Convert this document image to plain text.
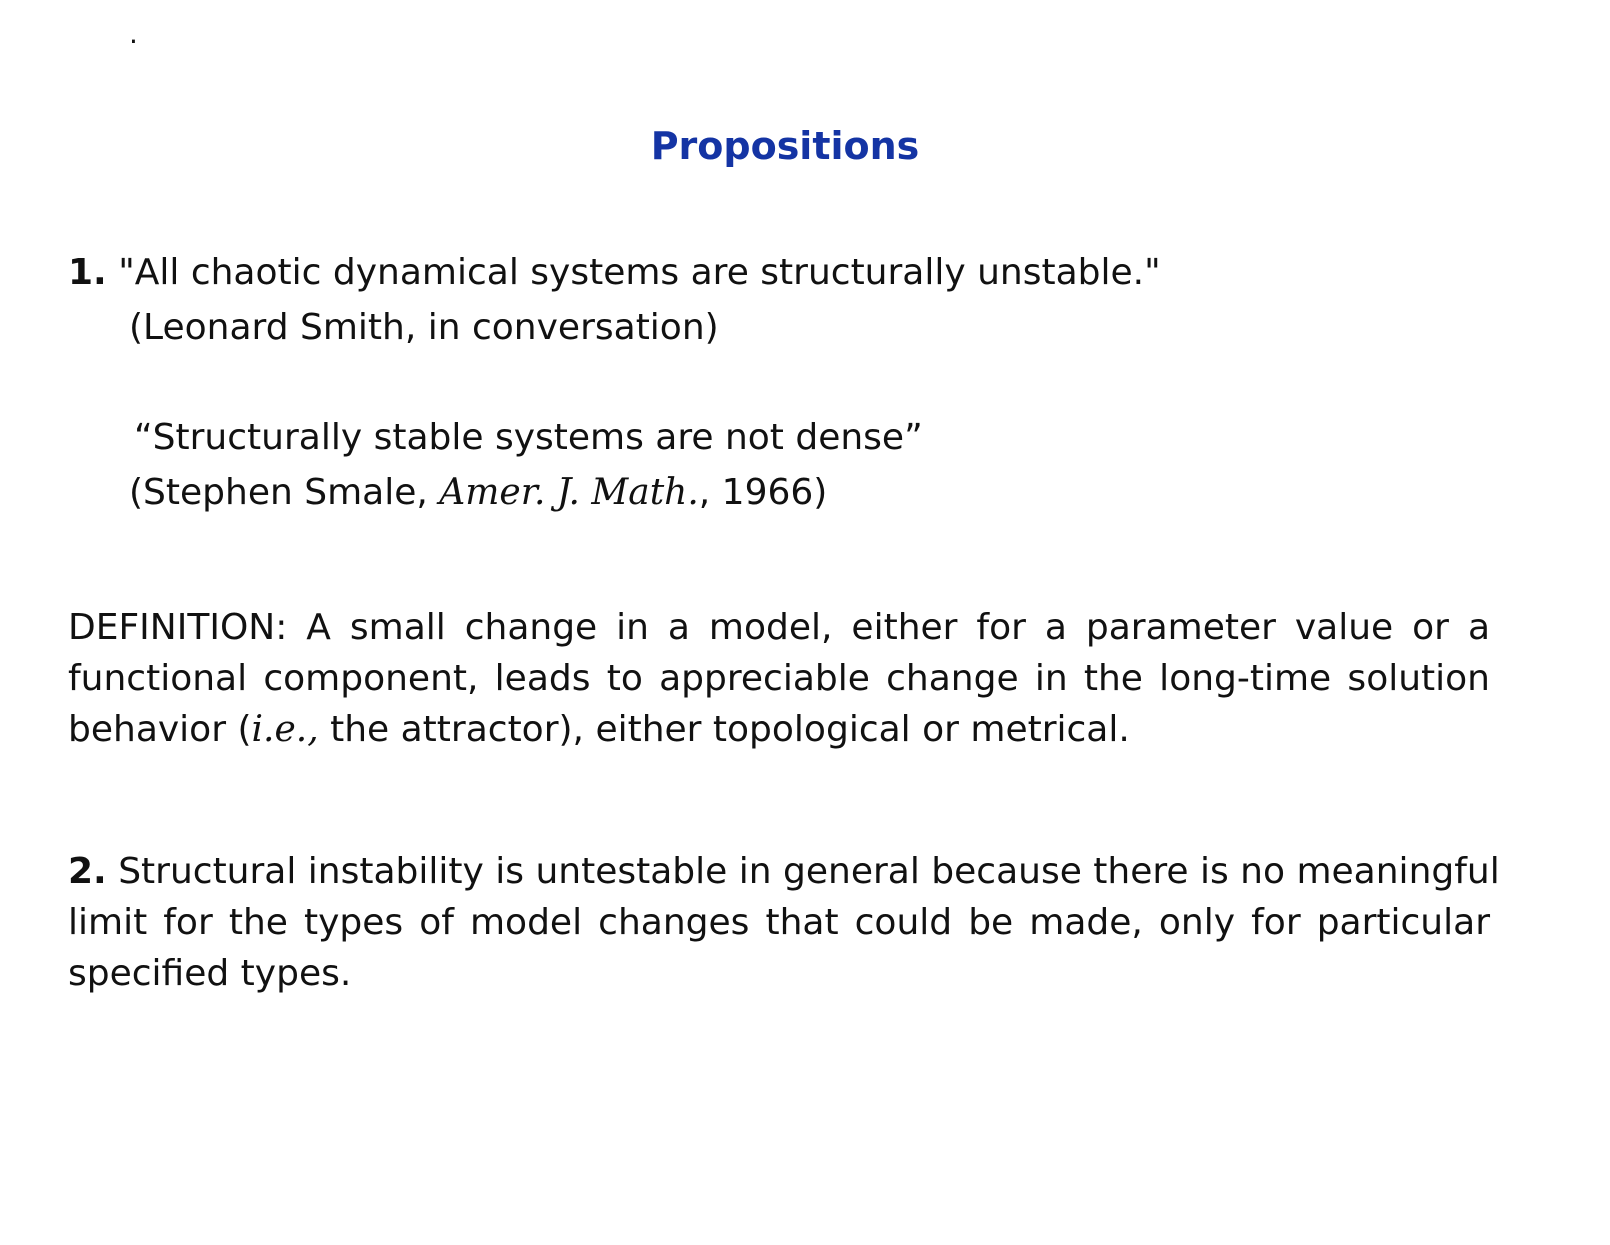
.
Propositions
1. "All chaotic dynamical systems are structurally unstable."
(Leonard Smith, in conversation)
“Structurally stable systems are not dense”
(Stephen Smale, Amer. J. Math., 1966)
DEFINITION: A small change in a model, either for a parameter value or a
functional component, leads to appreciable change in the long-time solution
behavior (i.e., the attractor), either topological or metrical.
2. Structural instability is untestable in general because there is no meaningful
limit for the types of model changes that could be made, only for particular
specified types.
